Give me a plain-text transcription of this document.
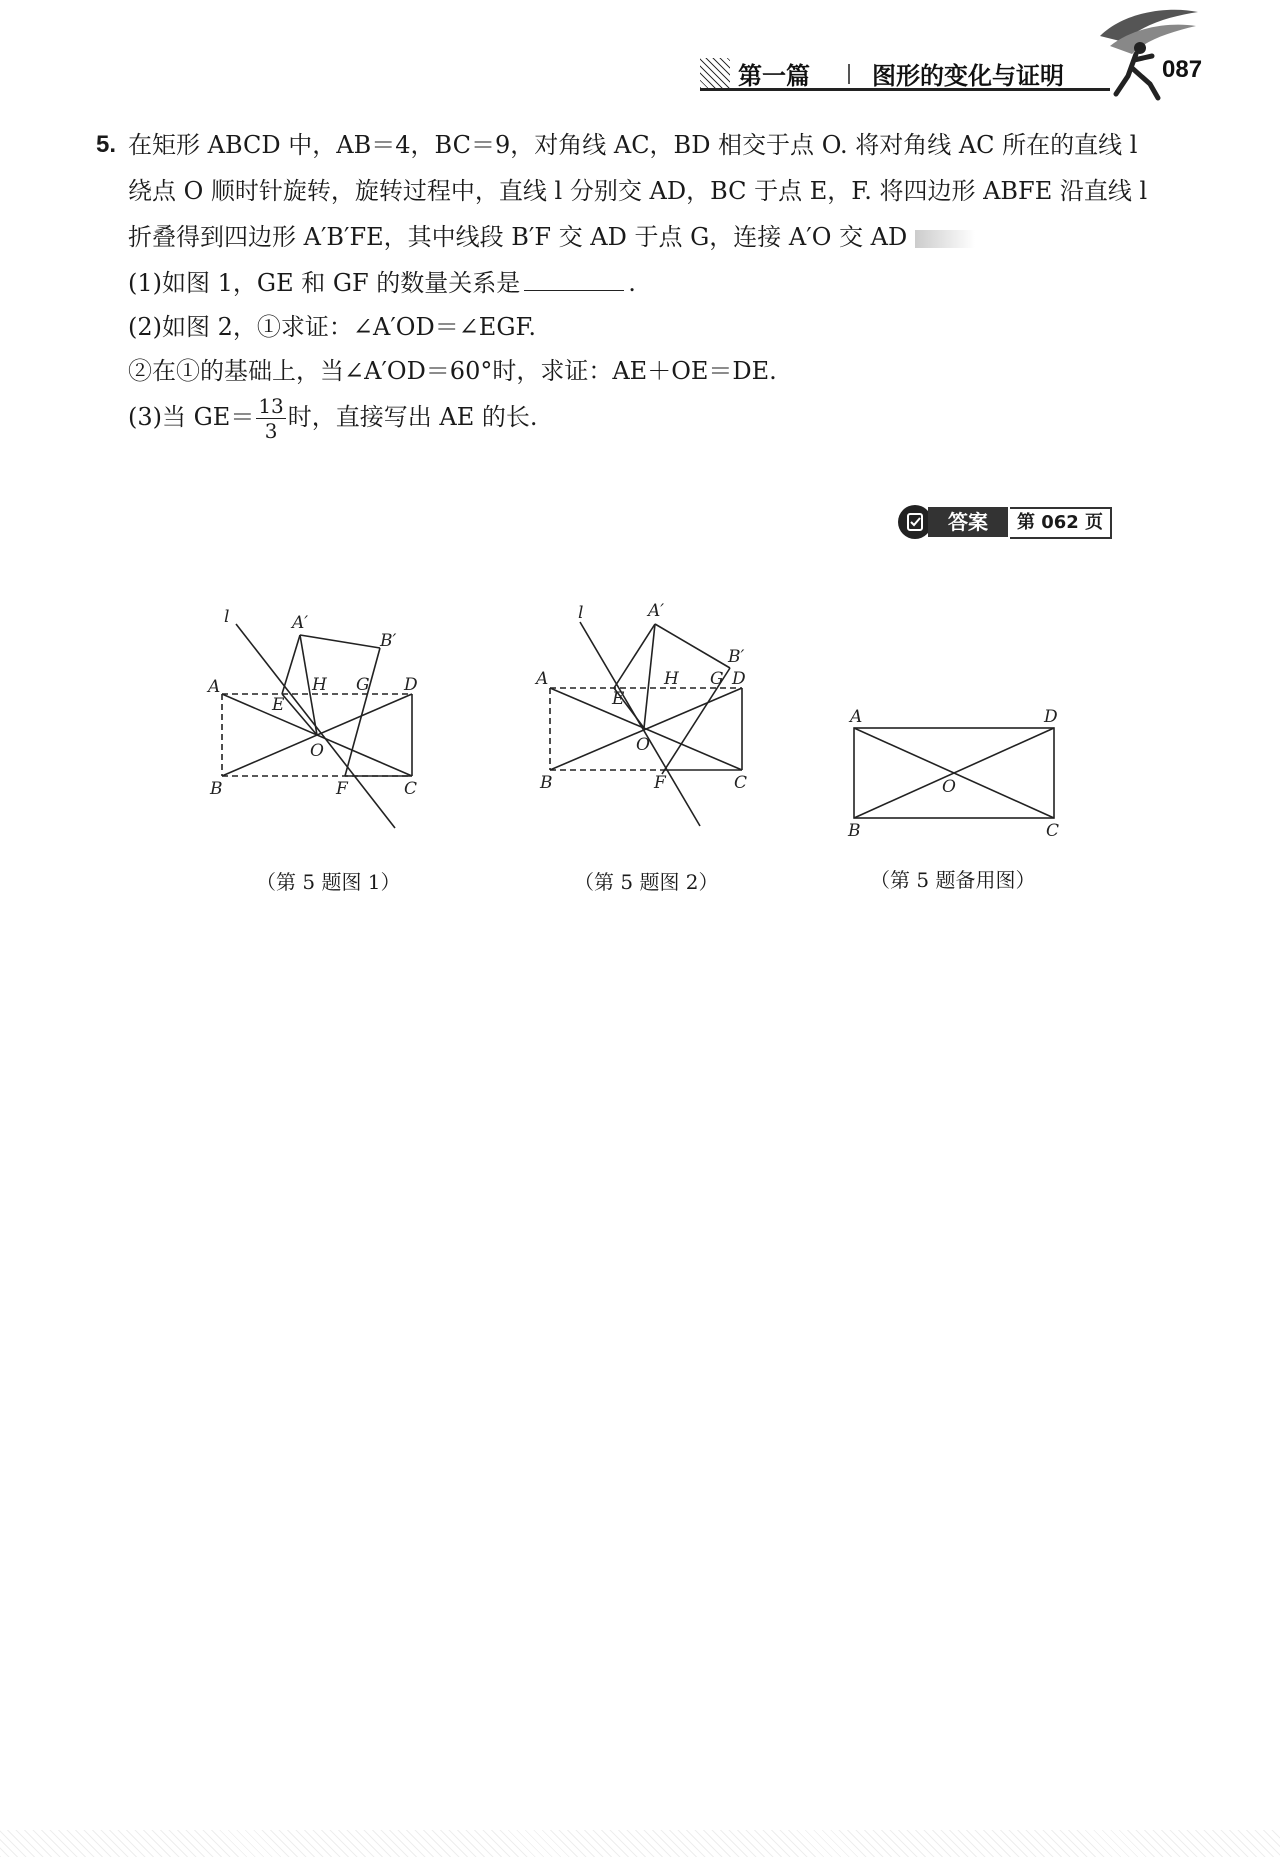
第一篇	图形的变化与证明	087
5. 在矩形 ABCD 中，AB＝4，BC＝9，对角线 AC，BD 相交于点 O. 将对角线 AC 所在的直线 l

绕点 O 顺时针旋转，旋转过程中，直线 l 分别交 AD，BC 于点 E，F. 将四边形 ABFE 沿直线 l

折叠得到四边形 A′B′FE，其中线段 B′F 交 AD 于点 G，连接 A′O 交 AD

(1)如图 1，GE 和 GF 的数量关系是	.
(2)如图 2，①求证：∠A′OD＝∠EGF.
②在①的基础上，当∠A′OD＝60°时，求证：AE＋OE＝DE.
(3)当 $GE= \frac{13}{3}$ 时，直接写出 AE 的长.
答案	第 062 页
l	A′
B′
A	H G D
E
O
B	F	C
（第 5 题图 1）
l	A′
B′
A	H G D
E
O
B	F	C
（第 5 题图 2）
A	D
O
B	C
（第 5 题备用图）
